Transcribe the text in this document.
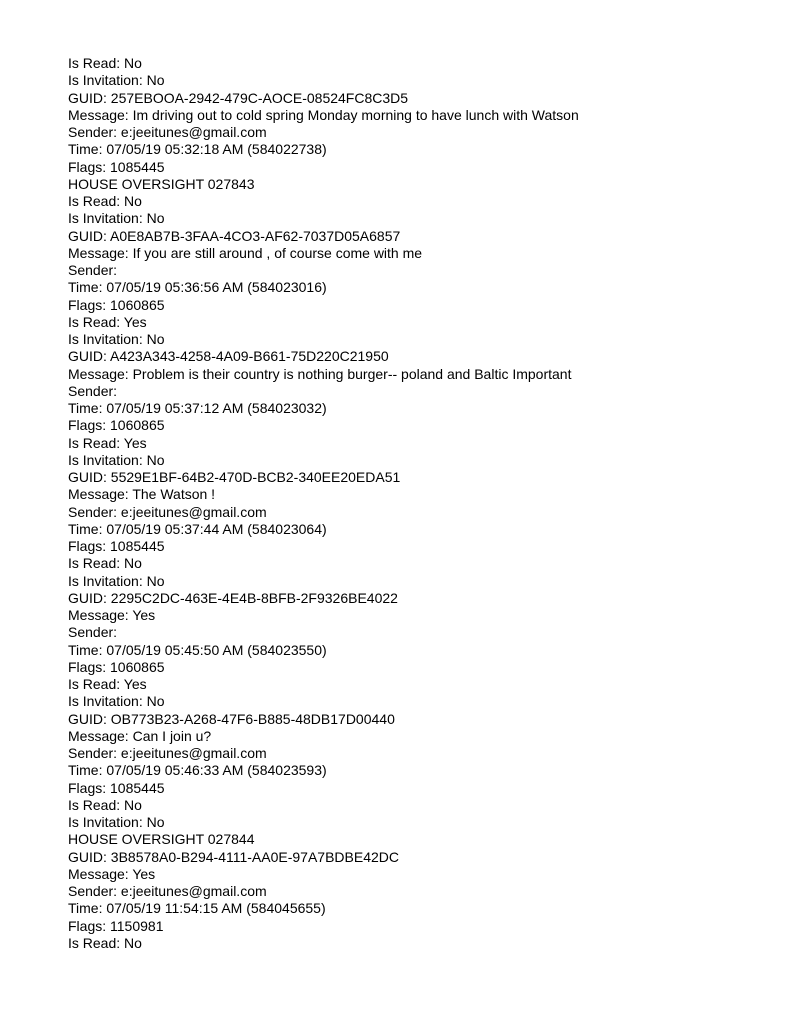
Is Read: No
Is Invitation: No
GUID: 257EBOOA-2942-479C-AOCE-08524FC8C3D5
Message: Im driving out to cold spring Monday morning to have lunch with Watson
Sender: e:jeeitunes@gmail.com
Time: 07/05/19 05:32:18 AM (584022738)
Flags: 1085445
HOUSE OVERSIGHT 027843
Is Read: No
Is Invitation: No
GUID: A0E8AB7B-3FAA-4CO3-AF62-7037D05A6857
Message: If you are still around , of course come with me
Sender:
Time: 07/05/19 05:36:56 AM (584023016)
Flags: 1060865
Is Read: Yes
Is Invitation: No
GUID: A423A343-4258-4A09-B661-75D220C21950
Message: Problem is their country is nothing burger-- poland and Baltic Important
Sender:
Time: 07/05/19 05:37:12 AM (584023032)
Flags: 1060865
Is Read: Yes
Is Invitation: No
GUID: 5529E1BF-64B2-470D-BCB2-340EE20EDA51
Message: The Watson !
Sender: e:jeeitunes@gmail.com
Time: 07/05/19 05:37:44 AM (584023064)
Flags: 1085445
Is Read: No
Is Invitation: No
GUID: 2295C2DC-463E-4E4B-8BFB-2F9326BE4022
Message: Yes
Sender:
Time: 07/05/19 05:45:50 AM (584023550)
Flags: 1060865
Is Read: Yes
Is Invitation: No
GUID: OB773B23-A268-47F6-B885-48DB17D00440
Message: Can I join u?
Sender: e:jeeitunes@gmail.com
Time: 07/05/19 05:46:33 AM (584023593)
Flags: 1085445
Is Read: No
Is Invitation: No
HOUSE OVERSIGHT 027844
GUID: 3B8578A0-B294-4111-AA0E-97A7BDBE42DC
Message: Yes
Sender: e:jeeitunes@gmail.com
Time: 07/05/19 11:54:15 AM (584045655)
Flags: 1150981
Is Read: No
